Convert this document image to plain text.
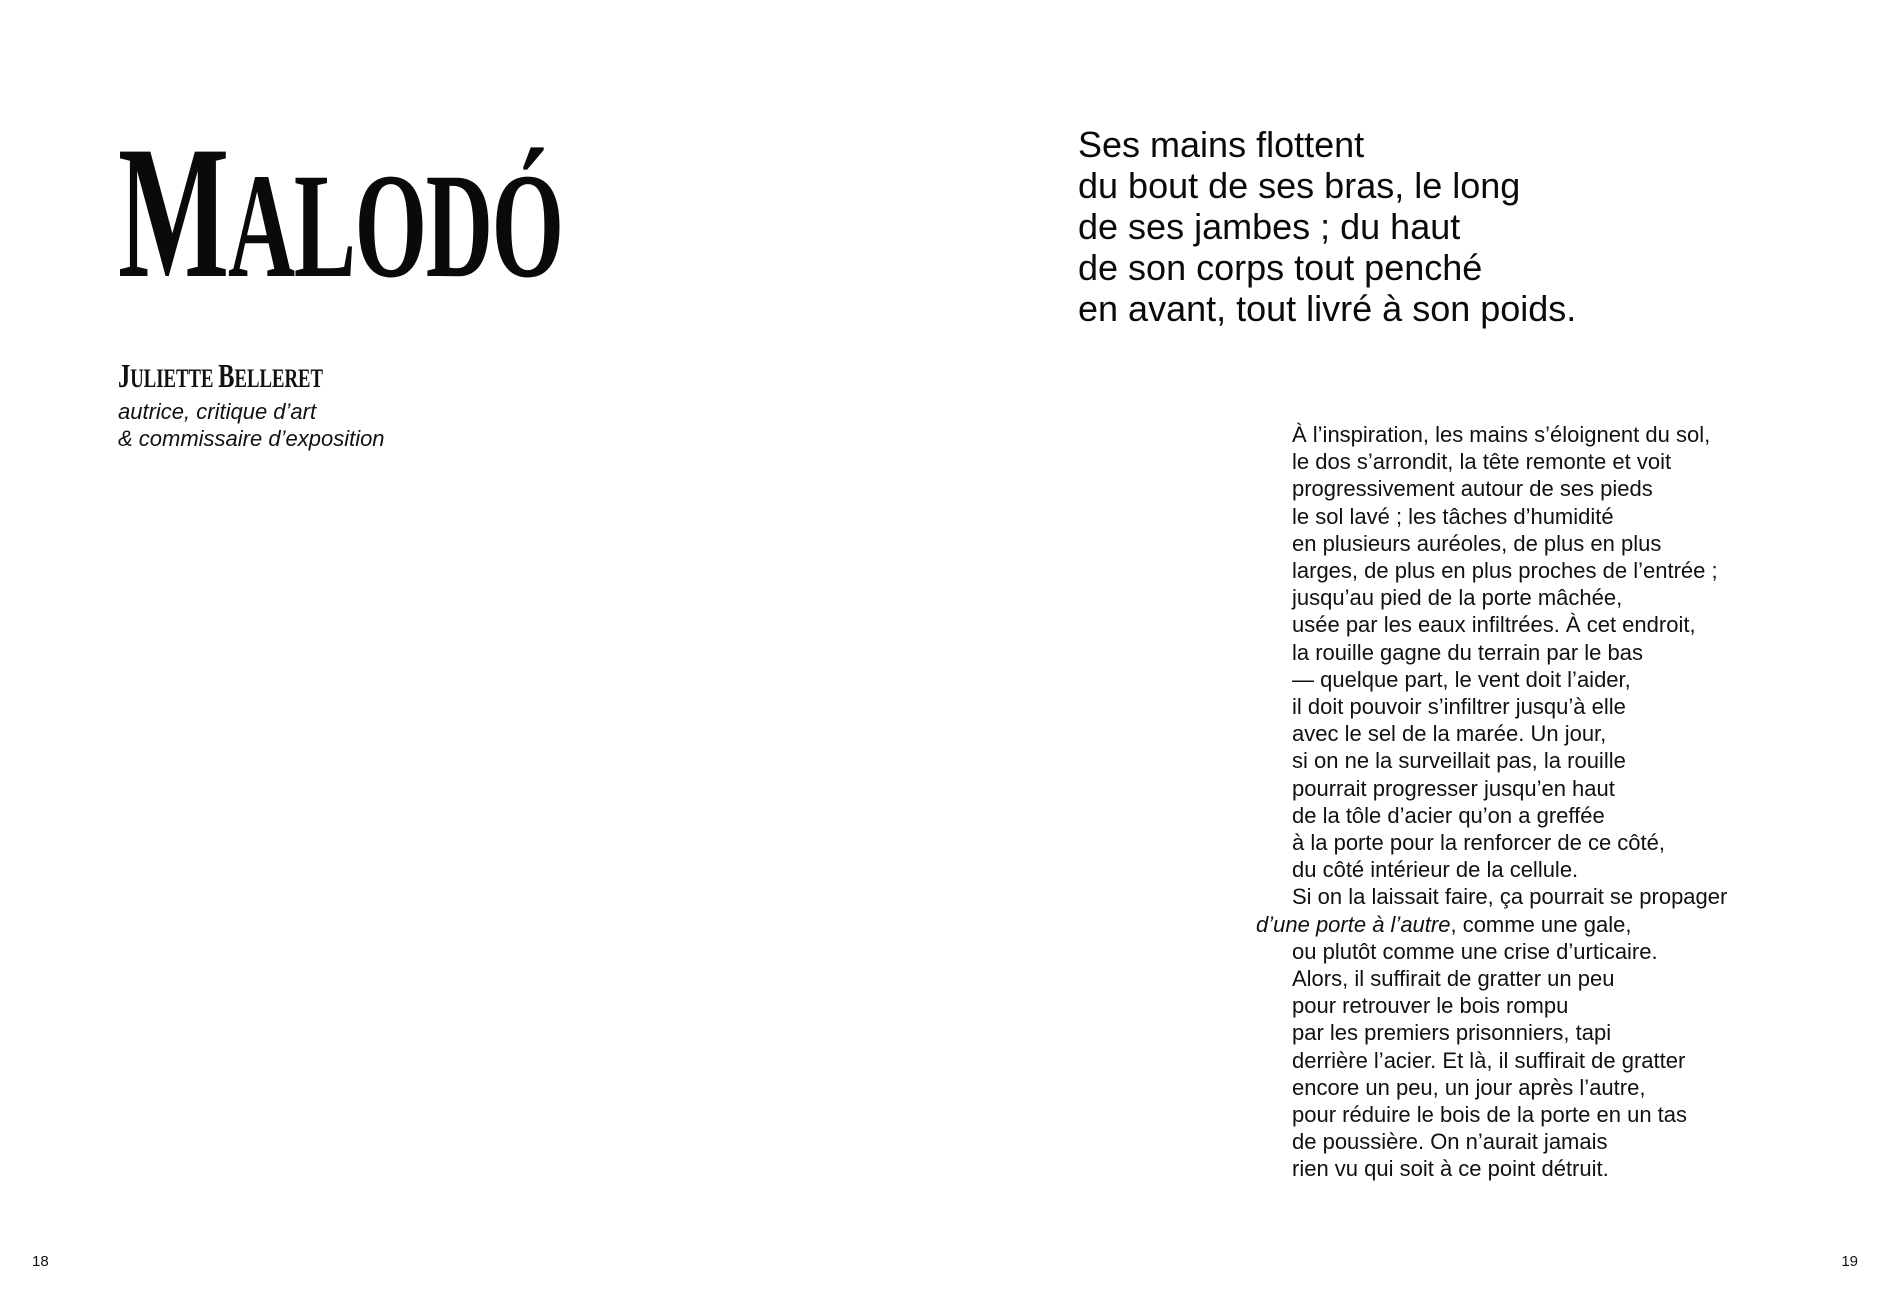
MALODÓ

JULIETTE BELLERET

autrice, critique d’art
& commissaire d’exposition

18

Ses mains flottent
du bout de ses bras, le long
de ses jambes ; du haut
de son corps tout penché
en avant, tout livré à son poids.

À l’inspiration, les mains s’éloignent du sol,
le dos s’arrondit, la tête remonte et voit
progressivement autour de ses pieds
le sol lavé ; les tâches d’humidité
en plusieurs auréoles, de plus en plus
larges, de plus en plus proches de l’entrée ;
jusqu’au pied de la porte mâchée,
usée par les eaux infiltrées. À cet endroit,
la rouille gagne du terrain par le bas
— quelque part, le vent doit l’aider,
il doit pouvoir s’infiltrer jusqu’à elle
avec le sel de la marée. Un jour,
si on ne la surveillait pas, la rouille
pourrait progresser jusqu’en haut
de la tôle d’acier qu’on a greffée
à la porte pour la renforcer de ce côté,
du côté intérieur de la cellule.
Si on la laissait faire, ça pourrait se propager
d’une porte à l’autre, comme une gale,
ou plutôt comme une crise d’urticaire.
Alors, il suffirait de gratter un peu
pour retrouver le bois rompu
par les premiers prisonniers, tapi
derrière l’acier. Et là, il suffirait de gratter
encore un peu, un jour après l’autre,
pour réduire le bois de la porte en un tas
de poussière. On n’aurait jamais
rien vu qui soit à ce point détruit.

19
